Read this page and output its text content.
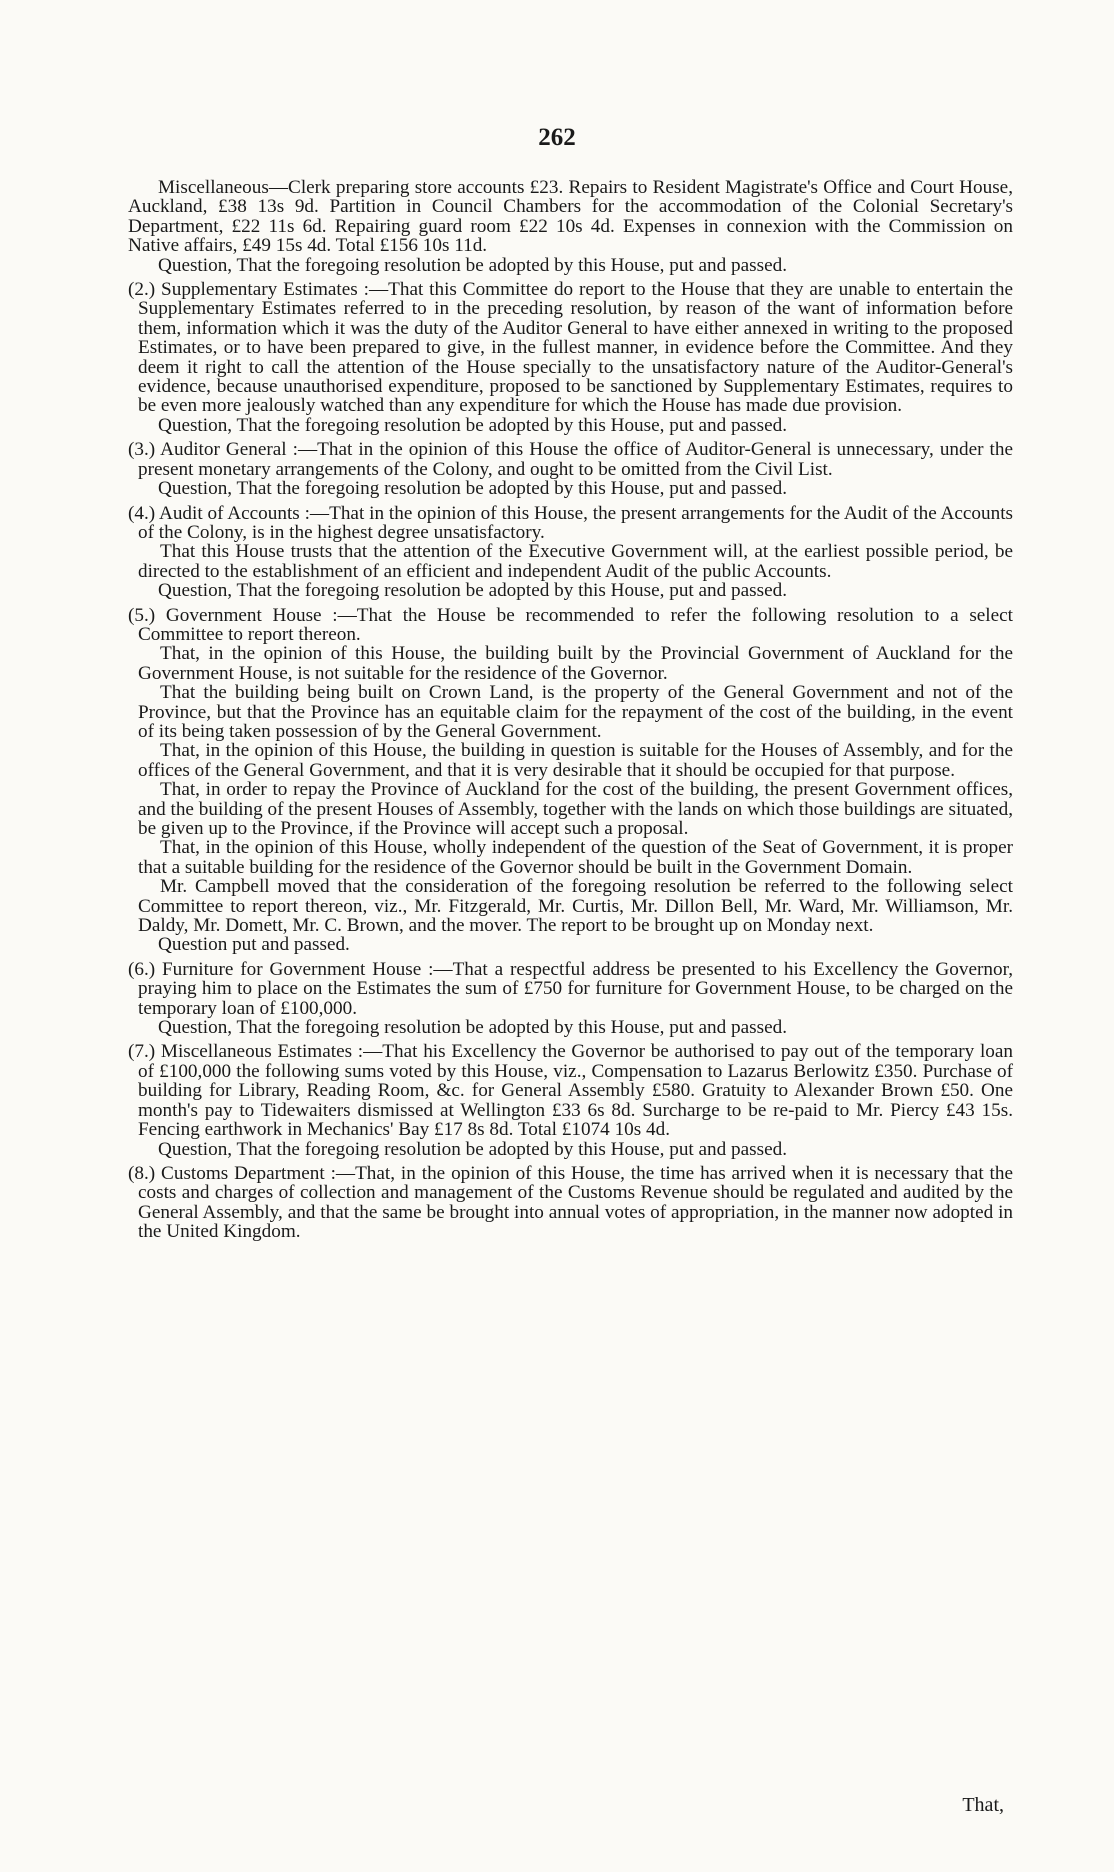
262

Miscellaneous—Clerk preparing store accounts £23. Repairs to Resident Magistrate's Office and Court House, Auckland, £38 13s 9d. Partition in Council Chambers for the accommodation of the Colonial Secretary's Department, £22 11s 6d. Repairing guard room £22 10s 4d. Expenses in connexion with the Commission on Native affairs, £49 15s 4d. Total £156 10s 11d.

Question, That the foregoing resolution be adopted by this House, put and passed.

(2.) Supplementary Estimates :—That this Committee do report to the House that they are unable to entertain the Supplementary Estimates referred to in the preceding resolution, by reason of the want of information before them, information which it was the duty of the Auditor General to have either annexed in writing to the proposed Estimates, or to have been prepared to give, in the fullest manner, in evidence before the Committee. And they deem it right to call the attention of the House specially to the unsatisfactory nature of the Auditor-General's evidence, because unauthorised expenditure, proposed to be sanctioned by Supplementary Estimates, requires to be even more jealously watched than any expenditure for which the House has made due provision.

Question, That the foregoing resolution be adopted by this House, put and passed.

(3.) Auditor General :—That in the opinion of this House the office of Auditor-General is unnecessary, under the present monetary arrangements of the Colony, and ought to be omitted from the Civil List.

Question, That the foregoing resolution be adopted by this House, put and passed.

(4.) Audit of Accounts :—That in the opinion of this House, the present arrangements for the Audit of the Accounts of the Colony, is in the highest degree unsatisfactory.

That this House trusts that the attention of the Executive Government will, at the earliest possible period, be directed to the establishment of an efficient and independent Audit of the public Accounts.

Question, That the foregoing resolution be adopted by this House, put and passed.

(5.) Government House :—That the House be recommended to refer the following resolution to a select Committee to report thereon.

That, in the opinion of this House, the building built by the Provincial Government of Auckland for the Government House, is not suitable for the residence of the Governor.

That the building being built on Crown Land, is the property of the General Government and not of the Province, but that the Province has an equitable claim for the repayment of the cost of the building, in the event of its being taken possession of by the General Government.

That, in the opinion of this House, the building in question is suitable for the Houses of Assembly, and for the offices of the General Government, and that it is very desirable that it should be occupied for that purpose.

That, in order to repay the Province of Auckland for the cost of the building, the present Government offices, and the building of the present Houses of Assembly, together with the lands on which those buildings are situated, be given up to the Province, if the Province will accept such a proposal.

That, in the opinion of this House, wholly independent of the question of the Seat of Government, it is proper that a suitable building for the residence of the Governor should be built in the Government Domain.

Mr. Campbell moved that the consideration of the foregoing resolution be referred to the following select Committee to report thereon, viz., Mr. Fitzgerald, Mr. Curtis, Mr. Dillon Bell, Mr. Ward, Mr. Williamson, Mr. Daldy, Mr. Domett, Mr. C. Brown, and the mover. The report to be brought up on Monday next.

Question put and passed.

(6.) Furniture for Government House :—That a respectful address be presented to his Excellency the Governor, praying him to place on the Estimates the sum of £750 for furniture for Government House, to be charged on the temporary loan of £100,000.

Question, That the foregoing resolution be adopted by this House, put and passed.

(7.) Miscellaneous Estimates :—That his Excellency the Governor be authorised to pay out of the temporary loan of £100,000 the following sums voted by this House, viz., Compensation to Lazarus Berlowitz £350. Purchase of building for Library, Reading Room, &c. for General Assembly £580. Gratuity to Alexander Brown £50. One month's pay to Tidewaiters dismissed at Wellington £33 6s 8d. Surcharge to be re-paid to Mr. Piercy £43 15s. Fencing earthwork in Mechanics' Bay £17 8s 8d. Total £1074 10s 4d.

Question, That the foregoing resolution be adopted by this House, put and passed.

(8.) Customs Department :—That, in the opinion of this House, the time has arrived when it is necessary that the costs and charges of collection and management of the Customs Revenue should be regulated and audited by the General Assembly, and that the same be brought into annual votes of appropriation, in the manner now adopted in the United Kingdom.

That,
